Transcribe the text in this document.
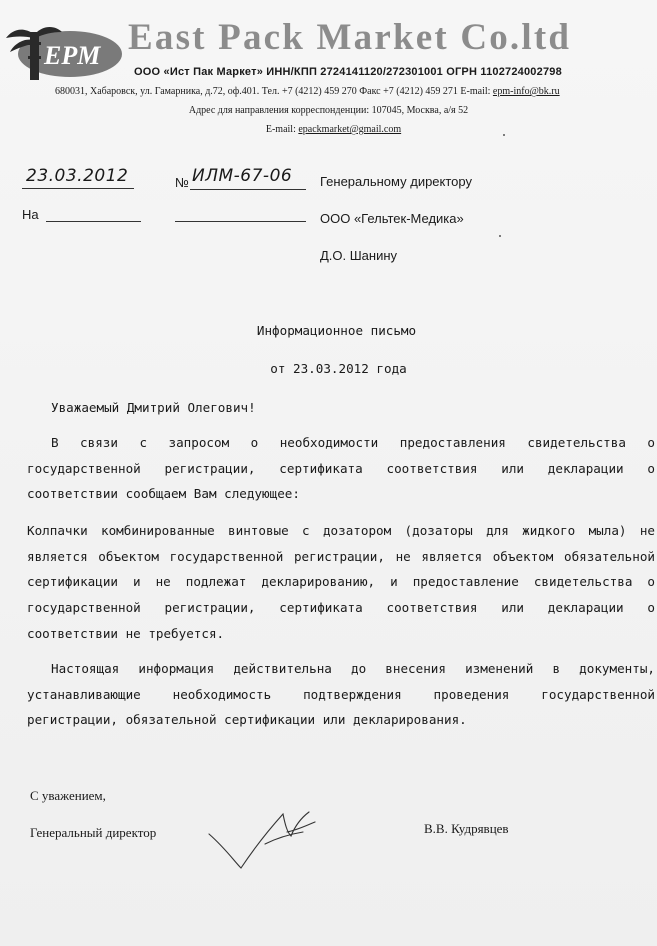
EPM East Pack Market Co.ltd
ООО «Ист Пак Маркет» ИНН/КПП 2724141120/272301001 ОГРН 1102724002798
680031, Хабаровск, ул. Гамарника, д.72, оф.401. Тел. +7 (4212) 459 270 Факс +7 (4212) 459 271 E-mail: epm-info@bk.ru
Адрес для направления корреспонденции: 107045, Москва, а/я 52
E-mail: epackmarket@gmail.com
23.03.2012	№ ИЛМ-67-06
На
Генеральному директору
ООО «Гельтек-Медика»
Д.О. Шанину
Информационное письмо
от 23.03.2012 года
Уважаемый Дмитрий Олегович!
В связи с запросом о необходимости предоставления свидетельства о государственной регистрации, сертификата соответствия или декларации о соответствии сообщаем Вам следующее:
Колпачки комбинированные винтовые с дозатором (дозаторы для жидкого мыла) не является объектом государственной регистрации, не является объектом обязательной сертификации и не подлежат декларированию, и предоставление свидетельства о государственной регистрации, сертификата соответствия или декларации о соответствии не требуется.
Настоящая информация действительна до внесения изменений в документы, устанавливающие необходимость подтверждения проведения государственной регистрации, обязательной сертификации или декларирования.
С уважением,
Генеральный директор	В.В. Кудрявцев
